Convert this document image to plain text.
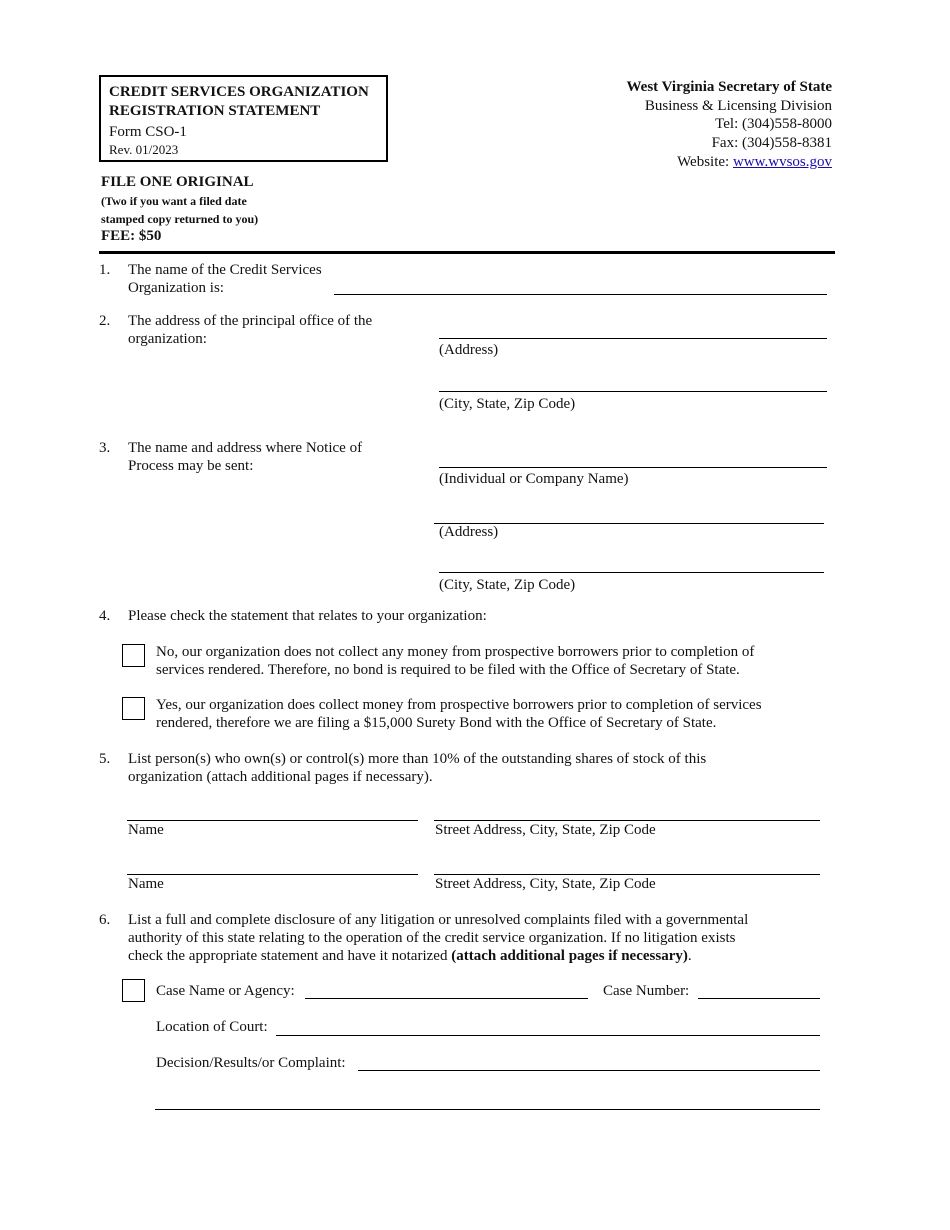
CREDIT SERVICES ORGANIZATION
REGISTRATION STATEMENT
Form CSO-1
Rev. 01/2023
West Virginia Secretary of State
Business & Licensing Division
Tel: (304)558-8000
Fax: (304)558-8381
Website: www.wvsos.gov
FILE ONE ORIGINAL
(Two if you want a filed date
stamped copy returned to you)
FEE: $50
1. The name of the Credit Services
Organization is:
2. The address of the principal office of the
organization:
(Address)
(City, State, Zip Code)
3. The name and address where Notice of
Process may be sent:
(Individual or Company Name)
(Address)
(City, State, Zip Code)
4. Please check the statement that relates to your organization:
No, our organization does not collect any money from prospective borrowers prior to completion of
services rendered. Therefore, no bond is required to be filed with the Office of Secretary of State.
Yes, our organization does collect money from prospective borrowers prior to completion of services
rendered, therefore we are filing a $15,000 Surety Bond with the Office of Secretary of State.
5. List person(s) who own(s) or control(s) more than 10% of the outstanding shares of stock of this
organization (attach additional pages if necessary).
Name	Street Address, City, State, Zip Code
Name	Street Address, City, State, Zip Code
6. List a full and complete disclosure of any litigation or unresolved complaints filed with a governmental
authority of this state relating to the operation of the credit service organization. If no litigation exists
check the appropriate statement and have it notarized (attach additional pages if necessary).
Case Name or Agency:	Case Number:
Location of Court:
Decision/Results/or Complaint:
